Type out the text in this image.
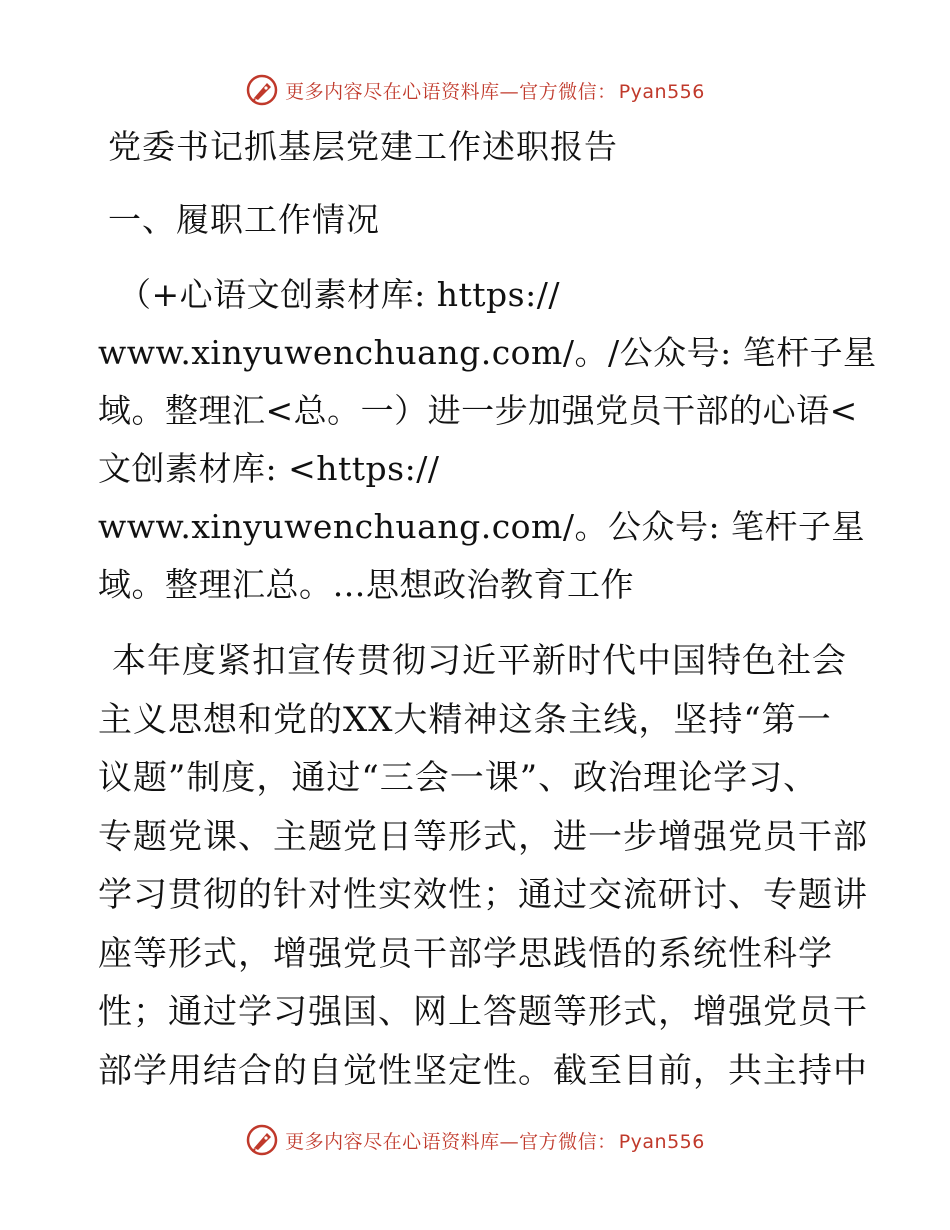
更多内容尽在心语资料库—官方微信： Pyan556
党委书记抓基层党建工作述职报告
一、履职工作情况
（+心语文创素材库: https://
www.xinyuwenchuang.com/。/公众号: 笔杆子星
域。整理汇<总。一）进一步加强党员干部的心语<
文创素材库: <https://
www.xinyuwenchuang.com/。公众号: 笔杆子星
域。整理汇总。…思想政治教育工作
本年度紧扣宣传贯彻习近平新时代中国特色社会
主义思想和党的XX大精神这条主线，坚持“第一
议题”制度，通过“三会一课”、政治理论学习、
专题党课、主题党日等形式，进一步增强党员干部
学习贯彻的针对性实效性；通过交流研讨、专题讲
座等形式，增强党员干部学思践悟的系统性科学
性；通过学习强国、网上答题等形式，增强党员干
部学用结合的自觉性坚定性。截至目前，共主持中
更多内容尽在心语资料库—官方微信： Pyan556
